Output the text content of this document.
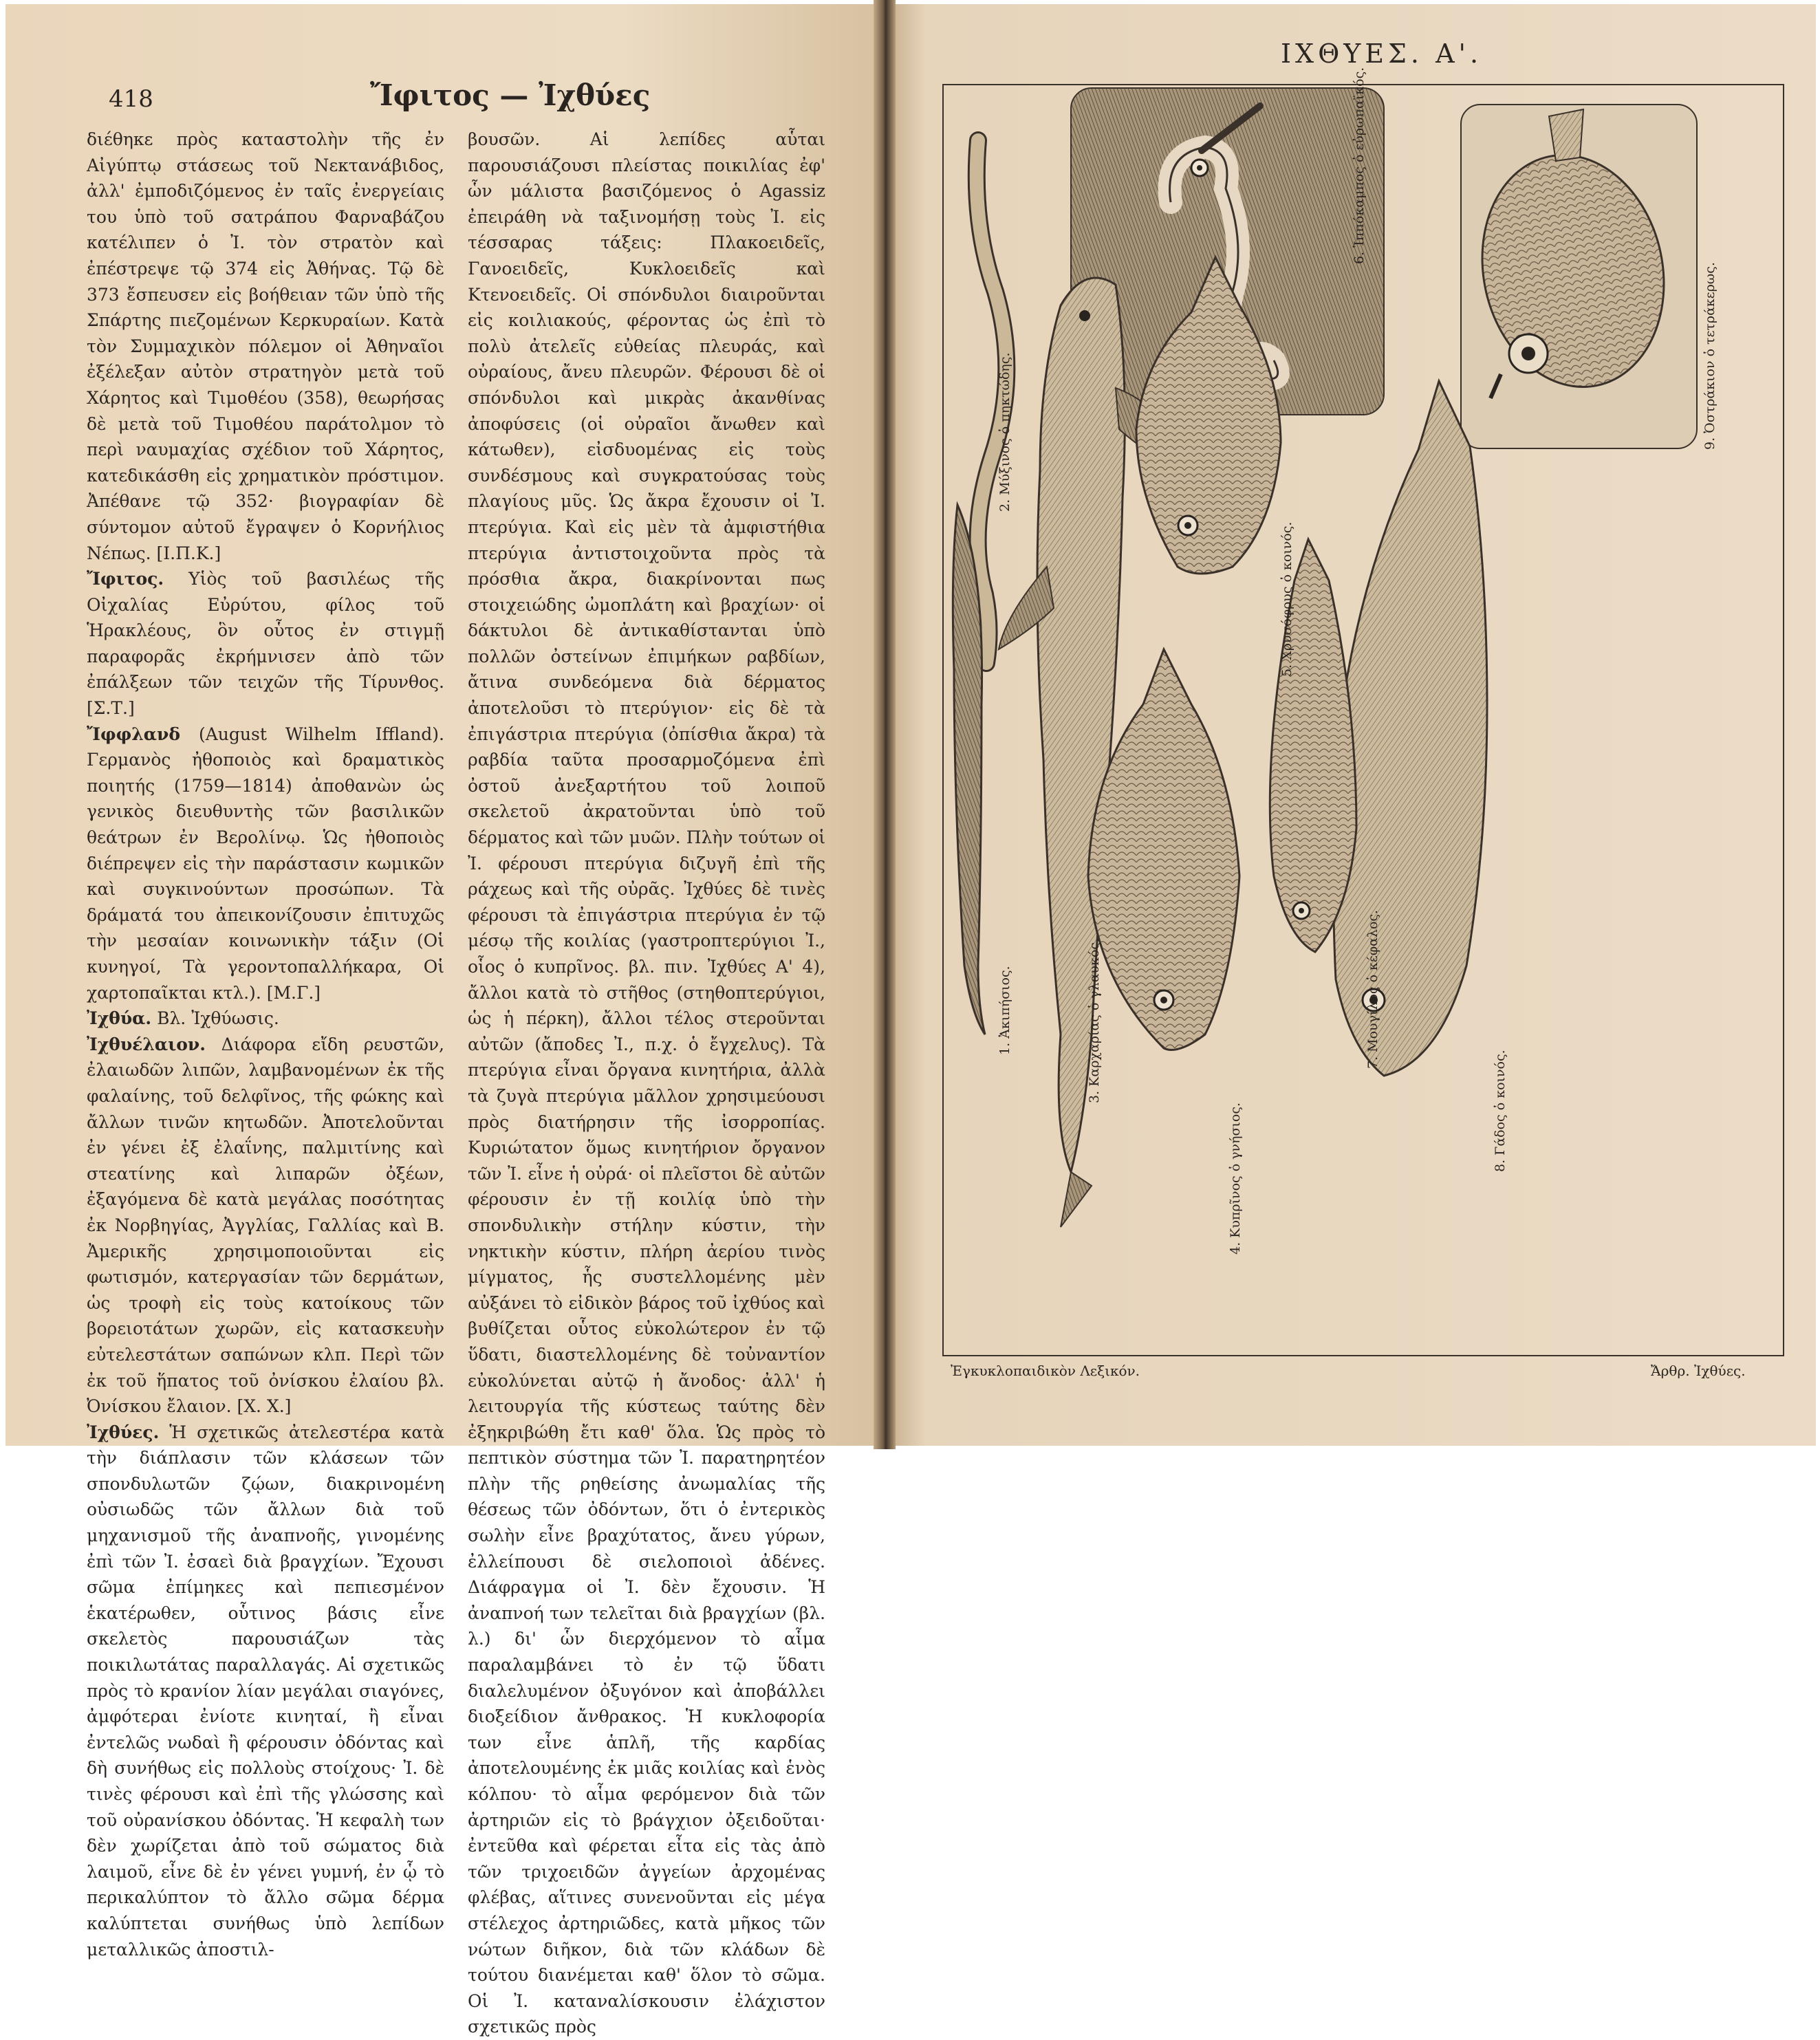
418	Ἴφιτος — Ἰχθύες

διέθηκε πρὸς καταστολὴν τῆς ἐν Αἰγύπτῳ στάσεως τοῦ Νεκτανάβιδος, ἀλλ' ἐμποδιζόμενος ἐν ταῖς ἐνεργείαις του ὑπὸ τοῦ σατράπου Φαρναβάζου κατέλιπεν ὁ Ἰ. τὸν στρατὸν καὶ ἐπέστρεψε τῷ 374 εἰς Ἀθήνας. Τῷ δὲ 373 ἔσπευσεν εἰς βοήθειαν τῶν ὑπὸ τῆς Σπάρτης πιεζομένων Κερκυραίων. Κατὰ τὸν Συμμαχικὸν πόλεμον οἱ Ἀθηναῖοι ἐξέλεξαν αὐτὸν στρατηγὸν μετὰ τοῦ Χάρητος καὶ Τιμοθέου (358), θεωρήσας δὲ μετὰ τοῦ Τιμοθέου παράτολμον τὸ περὶ ναυμαχίας σχέδιον τοῦ Χάρητος, κατεδικάσθη εἰς χρηματικὸν πρόστιμον. Ἀπέθανε τῷ 352· βιογραφίαν δὲ σύντομον αὐτοῦ ἔγραψεν ὁ Κορνήλιος Νέπως. [Ι.Π.Κ.]

Ἴφιτος. Υἱὸς τοῦ βασιλέως τῆς Οἰχαλίας Εὐρύτου, φίλος τοῦ Ἡρακλέους, ὃν οὗτος ἐν στιγμῇ παραφορᾶς ἐκρήμνισεν ἀπὸ τῶν ἐπάλξεων τῶν τειχῶν τῆς Τίρυνθος. [Σ.Τ.]

Ἴφφλανδ (August Wilhelm Iffland). Γερμανὸς ἠθοποιὸς καὶ δραματικὸς ποιητής (1759—1814) ἀποθανὼν ὡς γενικὸς διευθυντὴς τῶν βασιλικῶν θεάτρων ἐν Βερολίνῳ. Ὡς ἠθοποιὸς διέπρεψεν εἰς τὴν παράστασιν κωμικῶν καὶ συγκινούντων προσώπων. Τὰ δράματά του ἀπεικονίζουσιν ἐπιτυχῶς τὴν μεσαίαν κοινωνικὴν τάξιν (Οἱ κυνηγοί, Τὰ γεροντοπαλλήκαρα, Οἱ χαρτοπαῖκται κτλ.). [Μ.Γ.]

Ἰχθύα. Βλ. Ἰχθύωσις.

Ἰχθυέλαιον. Διάφορα εἴδη ρευστῶν, ἐλαιωδῶν λιπῶν, λαμβανομένων ἐκ τῆς φαλαίνης, τοῦ δελφῖνος, τῆς φώκης καὶ ἄλλων τινῶν κητωδῶν. Ἀποτελοῦνται ἐν γένει ἐξ ἐλαΐνης, παλμιτίνης καὶ στεατίνης καὶ λιπαρῶν ὀξέων, ἐξαγόμενα δὲ κατὰ μεγάλας ποσότητας ἐκ Νορβηγίας, Ἀγγλίας, Γαλλίας καὶ Β. Ἀμερικῆς χρησιμοποιοῦνται εἰς φωτισμόν, κατεργασίαν τῶν δερμάτων, ὡς τροφὴ εἰς τοὺς κατοίκους τῶν βορειοτάτων χωρῶν, εἰς κατασκευὴν εὐτελεστάτων σαπώνων κλπ. Περὶ τῶν ἐκ τοῦ ἥπατος τοῦ ὀνίσκου ἐλαίου βλ. Ὀνίσκου ἔλαιον. [Χ. Χ.]

Ἰχθύες. Ἡ σχετικῶς ἀτελεστέρα κατὰ τὴν διάπλασιν τῶν κλάσεων τῶν σπονδυλωτῶν ζῴων, διακρινομένη οὐσιωδῶς τῶν ἄλλων διὰ τοῦ μηχανισμοῦ τῆς ἀναπνοῆς, γινομένης ἐπὶ τῶν Ἰ. ἐσαεὶ διὰ βραγχίων. Ἔχουσι σῶμα ἐπίμηκες καὶ πεπιεσμένον ἑκατέρωθεν, οὗτινος βάσις εἶνε σκελετὸς παρουσιάζων τὰς ποικιλωτάτας παραλλαγάς. Αἱ σχετικῶς πρὸς τὸ κρανίον λίαν μεγάλαι σιαγόνες, ἀμφότεραι ἐνίοτε κινηταί, ἢ εἶναι ἐντελῶς νωδαὶ ἢ φέρουσιν ὀδόντας καὶ δὴ συνήθως εἰς πολλοὺς στοίχους· Ἰ. δὲ τινὲς φέρουσι καὶ ἐπὶ τῆς γλώσσης καὶ τοῦ οὐρανίσκου ὀδόντας. Ἡ κεφαλὴ των δὲν χωρίζεται ἀπὸ τοῦ σώματος διὰ λαιμοῦ, εἶνε δὲ ἐν γένει γυμνή, ἐν ᾧ τὸ περικαλύπτον τὸ ἄλλο σῶμα δέρμα καλύπτεται συνήθως ὑπὸ λεπίδων μεταλλικῶς ἀποστιλ-

βουσῶν. Αἱ λεπίδες αὗται παρουσιάζουσι πλείστας ποικιλίας ἐφ' ὧν μάλιστα βασιζόμενος ὁ Agassiz ἐπειράθη νὰ ταξινομήσῃ τοὺς Ἰ. εἰς τέσσαρας τάξεις: Πλακοειδεῖς, Γανοειδεῖς, Κυκλοειδεῖς καὶ Κτενοειδεῖς. Οἱ σπόνδυλοι διαιροῦνται εἰς κοιλιακούς, φέροντας ὡς ἐπὶ τὸ πολὺ ἀτελεῖς εὐθείας πλευράς, καὶ οὐραίους, ἄνευ πλευρῶν. Φέρουσι δὲ οἱ σπόνδυλοι καὶ μικρὰς ἀκανθίνας ἀποφύσεις (οἱ οὐραῖοι ἄνωθεν καὶ κάτωθεν), εἰσδυομένας εἰς τοὺς συνδέσμους καὶ συγκρατούσας τοὺς πλαγίους μῦς. Ὡς ἄκρα ἔχουσιν οἱ Ἰ. πτερύγια. Καὶ εἰς μὲν τὰ ἀμφιστήθια πτερύγια ἀντιστοιχοῦντα πρὸς τὰ πρόσθια ἄκρα, διακρίνονται πως στοιχειώδης ὠμοπλάτη καὶ βραχίων· οἱ δάκτυλοι δὲ ἀντικαθίστανται ὑπὸ πολλῶν ὀστείνων ἐπιμήκων ραβδίων, ἄτινα συνδεόμενα διὰ δέρματος ἀποτελοῦσι τὸ πτερύγιον· εἰς δὲ τὰ ἐπιγάστρια πτερύγια (ὀπίσθια ἄκρα) τὰ ραβδία ταῦτα προσαρμοζόμενα ἐπὶ ὀστοῦ ἀνεξαρτήτου τοῦ λοιποῦ σκελετοῦ ἀκρατοῦνται ὑπὸ τοῦ δέρματος καὶ τῶν μυῶν. Πλὴν τούτων οἱ Ἰ. φέρουσι πτερύγια διζυγῆ ἐπὶ τῆς ράχεως καὶ τῆς οὐρᾶς. Ἰχθύες δὲ τινὲς φέρουσι τὰ ἐπιγάστρια πτερύγια ἐν τῷ μέσῳ τῆς κοιλίας (γαστροπτερύγιοι Ἰ., οἷος ὁ κυπρῖνος. βλ. πιν. Ἰχθύες Α' 4), ἄλλοι κατὰ τὸ στῆθος (στηθοπτερύγιοι, ὡς ἡ πέρκη), ἄλλοι τέλος στεροῦνται αὐτῶν (ἄποδες Ἰ., π.χ. ὁ ἔγχελυς). Τὰ πτερύγια εἶναι ὄργανα κινητήρια, ἀλλὰ τὰ ζυγὰ πτερύγια μᾶλλον χρησιμεύουσι πρὸς διατήρησιν τῆς ἰσορροπίας. Κυριώτατον ὅμως κινητήριον ὄργανον τῶν Ἰ. εἶνε ἡ οὐρά· οἱ πλεῖστοι δὲ αὐτῶν φέρουσιν ἐν τῇ κοιλίᾳ ὑπὸ τὴν σπονδυλικὴν στήλην κύστιν, τὴν νηκτικὴν κύστιν, πλήρη ἀερίου τινὸς μίγματος, ἧς συστελλομένης μὲν αὐξάνει τὸ εἰδικὸν βάρος τοῦ ἰχθύος καὶ βυθίζεται οὗτος εὐκολώτερον ἐν τῷ ὕδατι, διαστελλομένης δὲ τοὐναντίον εὐκολύνεται αὐτῷ ἡ ἄνοδος· ἀλλ' ἡ λειτουργία τῆς κύστεως ταύτης δὲν ἐξηκριβώθη ἔτι καθ' ὅλα. Ὡς πρὸς τὸ πεπτικὸν σύστημα τῶν Ἰ. παρατηρητέον πλὴν τῆς ρηθείσης ἀνωμαλίας τῆς θέσεως τῶν ὀδόντων, ὅτι ὁ ἐντερικὸς σωλὴν εἶνε βραχύτατος, ἄνευ γύρων, ἐλλείπουσι δὲ σιελοποιοὶ ἀδένες. Διάφραγμα οἱ Ἰ. δὲν ἔχουσιν. Ἡ ἀναπνοή των τελεῖται διὰ βραγχίων (βλ. λ.) δι' ὧν διερχόμενον τὸ αἷμα παραλαμβάνει τὸ ἐν τῷ ὕδατι διαλελυμένον ὀξυγόνον καὶ ἀποβάλλει διοξείδιον ἄνθρακος. Ἡ κυκλοφορία των εἶνε ἁπλῆ, τῆς καρδίας ἀποτελουμένης ἐκ μιᾶς κοιλίας καὶ ἑνὸς κόλπου· τὸ αἷμα φερόμενον διὰ τῶν ἀρτηριῶν εἰς τὸ βράγχιον ὀξειδοῦται· ἐντεῦθα καὶ φέρεται εἶτα εἰς τὰς ἀπὸ τῶν τριχοειδῶν ἀγγείων ἀρχομένας φλέβας, αἵτινες συνενοῦνται εἰς μέγα στέλεχος ἀρτηριῶδες, κατὰ μῆκος τῶν νώτων διῆκον, διὰ τῶν κλάδων δὲ τούτου διανέμεται καθ' ὅλον τὸ σῶμα. Οἱ Ἰ. καταναλίσκουσιν ἐλάχιστον σχετικῶς πρὸς

ΙΧΘΥΕΣ. Α'.
1. Ἀκιπήσιος.
2. Μύξινος ὁ πηκτώδης.
3. Καρχαρίας ὁ γλαυκός.
4. Κυπρῖνος ὁ γνήσιος.
5. Χρυσόφρυς ὁ κοινός.
6. Ἱππόκαμπος ὁ εὐρωπαϊκός.
7. Μουγίλος ὁ κέφαλος.
8. Γάδος ὁ κοινός.
9. Ὀστράκιον ὁ τετράκερως.
Ἐγκυκλοπαιδικὸν Λεξικόν.	Ἄρθρ. Ἰχθύες.
